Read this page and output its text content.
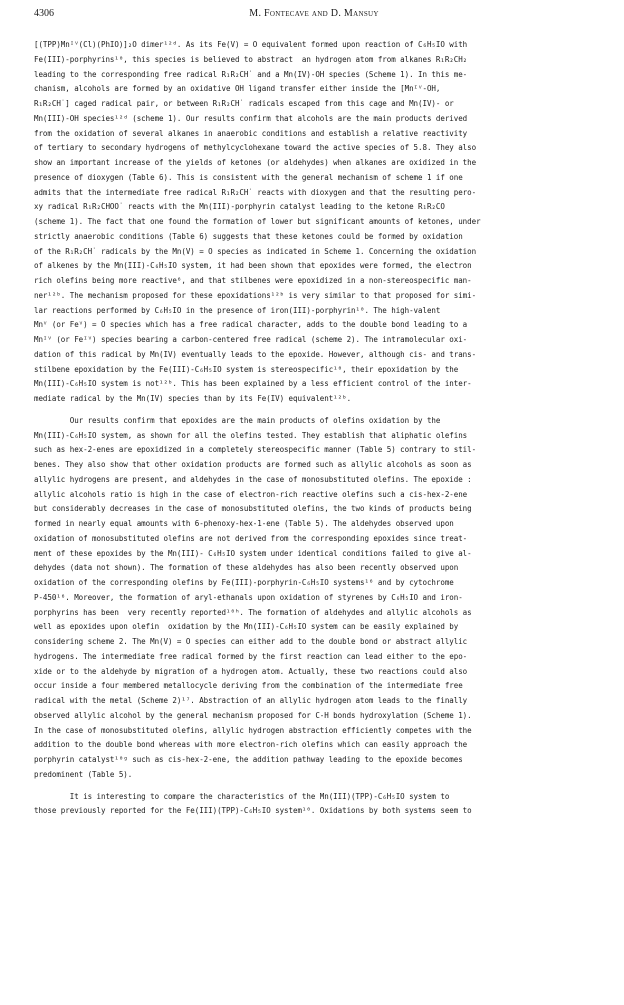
4306	M. Fontecave and D. Mansuy
[(TPP)Mnᴵⱽ(Cl)(PhIO)]₂O dimer¹²ᵈ. As its Fe(V) = O equivalent formed upon reaction of C₆H₅IO with
Fe(III)-porphyrins¹⁰, this species is believed to abstract  an hydrogen atom from alkanes R₁R₂CH₂
leading to the corresponding free radical R₁R₂CH˙ and a Mn(IV)-OH species (Scheme 1). In this me-
chanism, alcohols are formed by an oxidative OH ligand transfer either inside the [Mnᴵⱽ-OH,
R₁R₂CH˙] caged radical pair, or between R₁R₂CH˙ radicals escaped from this cage and Mn(IV)- or
Mn(III)-OH species¹²ᵈ (scheme 1). Our results confirm that alcohols are the main products derived
from the oxidation of several alkanes in anaerobic conditions and establish a relative reactivity
of tertiary to secondary hydrogens of methylcyclohexane toward the active species of 5.8. They also
show an important increase of the yields of ketones (or aldehydes) when alkanes are oxidized in the
presence of dioxygen (Table 6). This is consistent with the general mechanism of scheme 1 if one
admits that the intermediate free radical R₁R₂CH˙ reacts with dioxygen and that the resulting pero-
xy radical R₁R₂CHOO˙ reacts with the Mn(III)-porphyrin catalyst leading to the ketone R₁R₂CO
(scheme 1). The fact that one found the formation of lower but significant amounts of ketones, under
strictly anaerobic conditions (Table 6) suggests that these ketones could be formed by oxidation
of the R₁R₂CH˙ radicals by the Mn(V) = O species as indicated in Scheme 1. Concerning the oxidation
of alkenes by the Mn(III)-C₆H₅IO system, it had been shown that epoxides were formed, the electron
rich olefins being more reactive⁶, and that stilbenes were epoxidized in a non-stereospecific man-
ner¹²ᵇ. The mechanism proposed for these epoxidations¹²ᵇ is very similar to that proposed for simi-
lar reactions performed by C₆H₅IO in the presence of iron(III)-porphyrin¹⁰. The high-valent
Mnⱽ (or Feⱽ) = O species which has a free radical character, adds to the double bond leading to a
Mnᴵⱽ (or Feᴵⱽ) species bearing a carbon-centered free radical (scheme 2). The intramolecular oxi-
dation of this radical by Mn(IV) eventually leads to the epoxide. However, although cis- and trans-
stilbene epoxidation by the Fe(III)-C₆H₅IO system is stereospecific¹⁰, their epoxidation by the
Mn(III)-C₆H₅IO system is not¹²ᵇ. This has been explained by a less efficient control of the inter-
mediate radical by the Mn(IV) species than by its Fe(IV) equivalent¹²ᵇ.
Our results confirm that epoxides are the main products of olefins oxidation by the
Mn(III)-C₆H₅IO system, as shown for all the olefins tested. They establish that aliphatic olefins
such as hex-2-enes are epoxidized in a completely stereospecific manner (Table 5) contrary to stil-
benes. They also show that other oxidation products are formed such as allylic alcohols as soon as
allylic hydrogens are present, and aldehydes in the case of monosubstituted olefins. The epoxide :
allylic alcohols ratio is high in the case of electron-rich reactive olefins such a cis-hex-2-ene
but considerably decreases in the case of monosubstituted olefins, the two kinds of products being
formed in nearly equal amounts with 6-phenoxy-hex-1-ene (Table 5). The aldehydes observed upon
oxidation of monosubstituted olefins are not derived from the corresponding epoxides since treat-
ment of these epoxides by the Mn(III)- C₆H₅IO system under identical conditions failed to give al-
dehydes (data not shown). The formation of these aldehydes has also been recently observed upon
oxidation of the corresponding olefins by Fe(III)-porphyrin-C₆H₅IO systems¹⁶ and by cytochrome
P-450¹⁶. Moreover, the formation of aryl-ethanals upon oxidation of styrenes by C₆H₅IO and iron-
porphyrins has been  very recently reported¹⁰ʰ. The formation of aldehydes and allylic alcohols as
well as epoxides upon olefin  oxidation by the Mn(III)-C₆H₅IO system can be easily explained by
considering scheme 2. The Mn(V) = O species can either add to the double bond or abstract allylic
hydrogens. The intermediate free radical formed by the first reaction can lead either to the epo-
xide or to the aldehyde by migration of a hydrogen atom. Actually, these two reactions could also
occur inside a four membered metallocycle deriving from the combination of the intermediate free
radical with the metal (Scheme 2)¹⁷. Abstraction of an allylic hydrogen atom leads to the finally
observed allylic alcohol by the general mechanism proposed for C-H bonds hydroxylation (Scheme 1).
In the case of monosubstituted olefins, allylic hydrogen abstraction efficiently competes with the
addition to the double bond whereas with more electron-rich olefins which can easily approach the
porphyrin catalyst¹⁰ᵍ such as cis-hex-2-ene, the addition pathway leading to the epoxide becomes
predominent (Table 5).
It is interesting to compare the characteristics of the Mn(III)(TPP)-C₆H₅IO system to
those previously reported for the Fe(III)(TPP)-C₆H₅IO system¹⁰. Oxidations by both systems seem to
